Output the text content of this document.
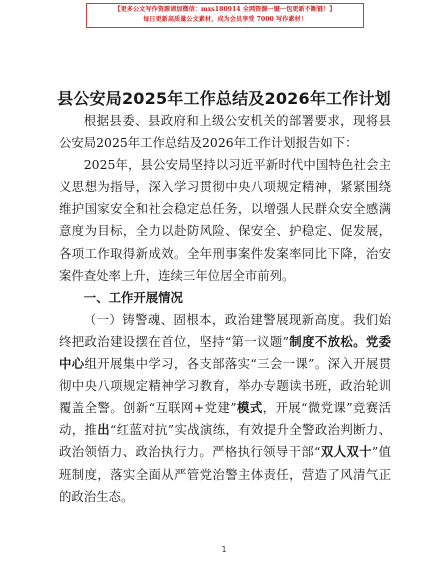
【更多公文写作资源请加微信：mxs180914 全网资源一键一包更新不断链！】
每日更新高质量公文素材，成为会员享受 7000 写作素材！
县公安局2025年工作总结及2026年工作计划

根据县委、县政府和上级公安机关的部署要求，现将县公安局2025年工作总结及2026年工作计划报告如下：

2025年，县公安局坚持以习近平新时代中国特色社会主义思想为指导，深入学习贯彻中央八项规定精神，紧紧围绕维护国家安全和社会稳定总任务，以增强人民群众安全感满意度为目标，全力以赴防风险、保安全、护稳定、促发展，各项工作取得新成效。全年刑事案件发案率同比下降，治安案件查处率上升，连续三年位居全市前列。

一、工作开展情况

（一）铸警魂、固根本，政治建警展现新高度。我们始终把政治建设摆在首位，坚持“第一议题”制度不放松。党委中心组开展集中学习，各支部落实“三会一课”。深入开展贯彻中央八项规定精神学习教育，举办专题读书班，政治轮训覆盖全警。创新“互联网+党建”模式，开展“微党课”竞赛活动，推出“红蓝对抗”实战演练，有效提升全警政治判断力、政治领悟力、政治执行力。严格执行领导干部“双人双十”值班制度，落实全面从严管党治警主体责任，营造了风清气正的政治生态。

1
